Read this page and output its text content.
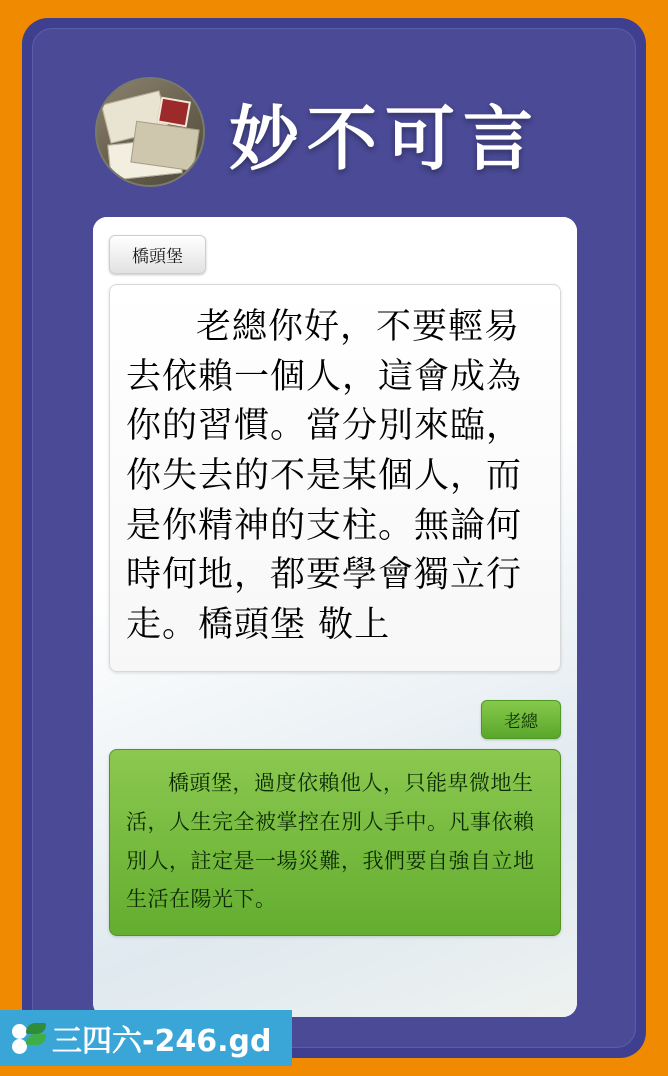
妙不可言
橋頭堡
老總你好，不要輕易去依賴一個人，這會成為你的習慣。當分別來臨，你失去的不是某個人，而是你精神的支柱。無論何時何地，都要學會獨立行走。橋頭堡 敬上
老總
橋頭堡，過度依賴他人，只能卑微地生活，人生完全被掌控在別人手中。凡事依賴別人，註定是一場災難，我們要自強自立地生活在陽光下。
三四六-246.gd
